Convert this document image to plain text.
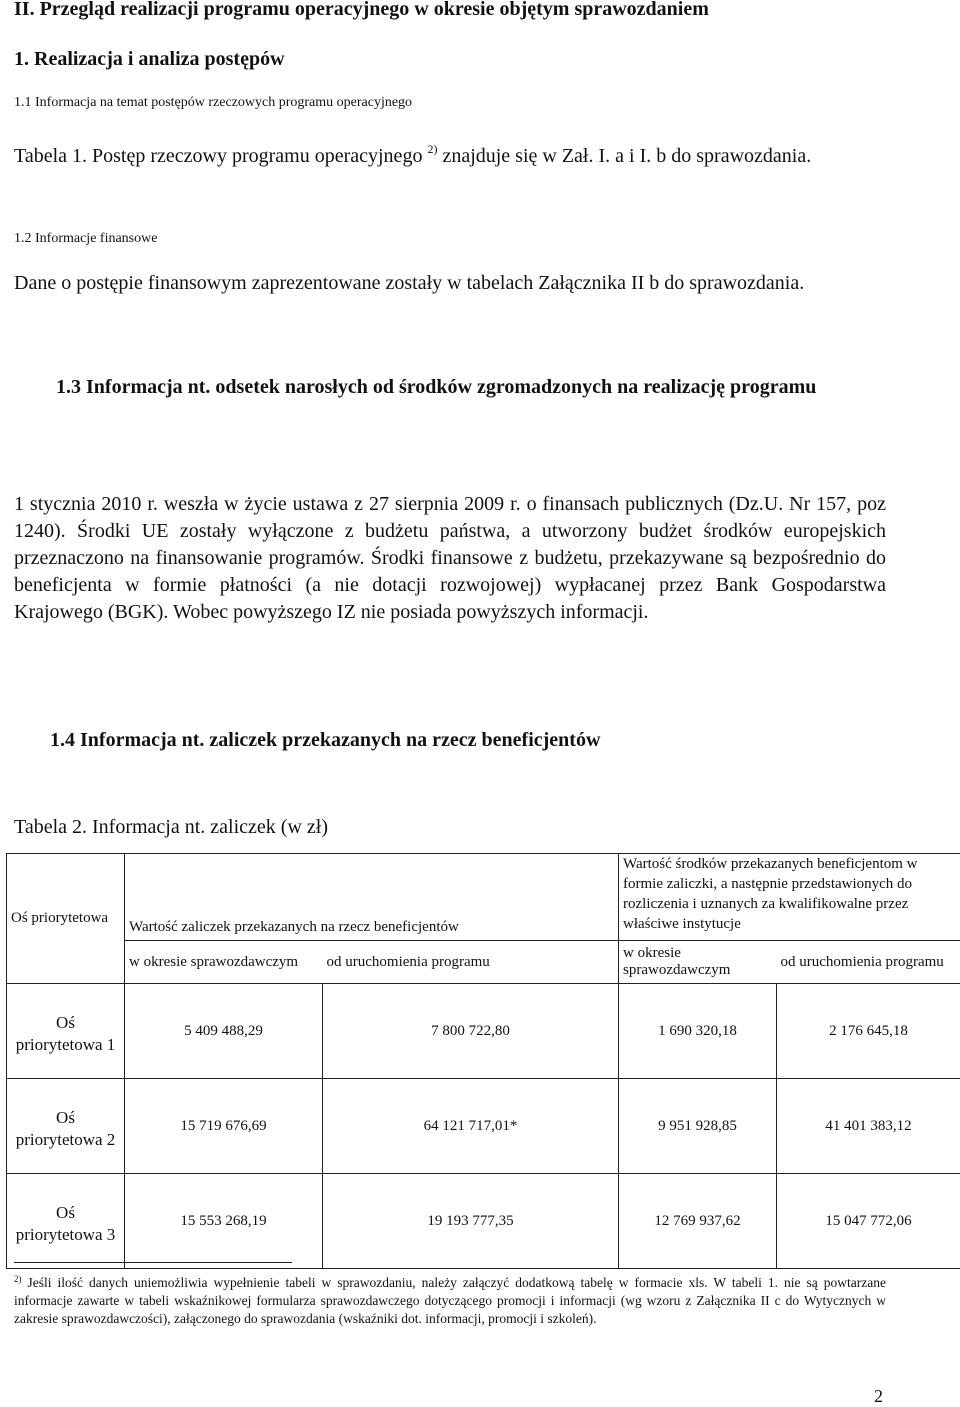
II. Przegląd realizacji programu operacyjnego w okresie objętym sprawozdaniem
1. Realizacja i analiza postępów
1.1 Informacja na temat postępów rzeczowych programu operacyjnego
Tabela 1. Postęp rzeczowy programu operacyjnego $^{2)}$ znajduje się w Zał. I. a i I. b do sprawozdania.
1.2 Informacje finansowe
Dane o postępie finansowym zaprezentowane zostały w tabelach Załącznika II b do sprawozdania.
1.3 Informacja nt. odsetek narosłych od środków zgromadzonych na realizację programu
1 stycznia 2010 r. weszła w życie ustawa z 27 sierpnia 2009 r. o finansach publicznych (Dz.U. Nr 157, poz 1240). Środki UE zostały wyłączone z budżetu państwa, a utworzony budżet środków europejskich przeznaczono na finansowanie programów. Środki finansowe z budżetu, przekazywane są bezpośrednio do beneficjenta w formie płatności (a nie dotacji rozwojowej) wypłacanej przez Bank Gospodarstwa Krajowego (BGK). Wobec powyższego IZ nie posiada powyższych informacji.
1.4 Informacja nt. zaliczek przekazanych na rzecz beneficjentów
Tabela 2. Informacja nt. zaliczek (w zł)
Oś priorytetowa	Wartość zaliczek przekazanych na rzecz beneficjentów		Wartość środków przekazanych beneficjentom w formie zaliczki, a następnie przedstawionych do rozliczenia i uznanych za kwalifikowalne przez właściwe instytucje	
	w okresie sprawozdawczym	od uruchomienia programu	w okresie sprawozdawczym	od uruchomienia programu
Oś priorytetowa 1	5 409 488,29	7 800 722,80	1 690 320,18	2 176 645,18
Oś priorytetowa 2	15 719 676,69	64 121 717,01*	9 951 928,85	41 401 383,12
Oś priorytetowa 3	15 553 268,19	19 193 777,35	12 769 937,62	15 047 772,06
$^{2)}$ Jeśli ilość danych uniemożliwia wypełnienie tabeli w sprawozdaniu, należy załączyć dodatkową tabelę w formacie xls. W tabeli 1. nie są powtarzane informacje zawarte w tabeli wskaźnikowej formularza sprawozdawczego dotyczącego promocji i informacji (wg wzoru z Załącznika II c do Wytycznych w zakresie sprawozdawczości), załączonego do sprawozdania (wskaźniki dot. informacji, promocji i szkoleń).
2
